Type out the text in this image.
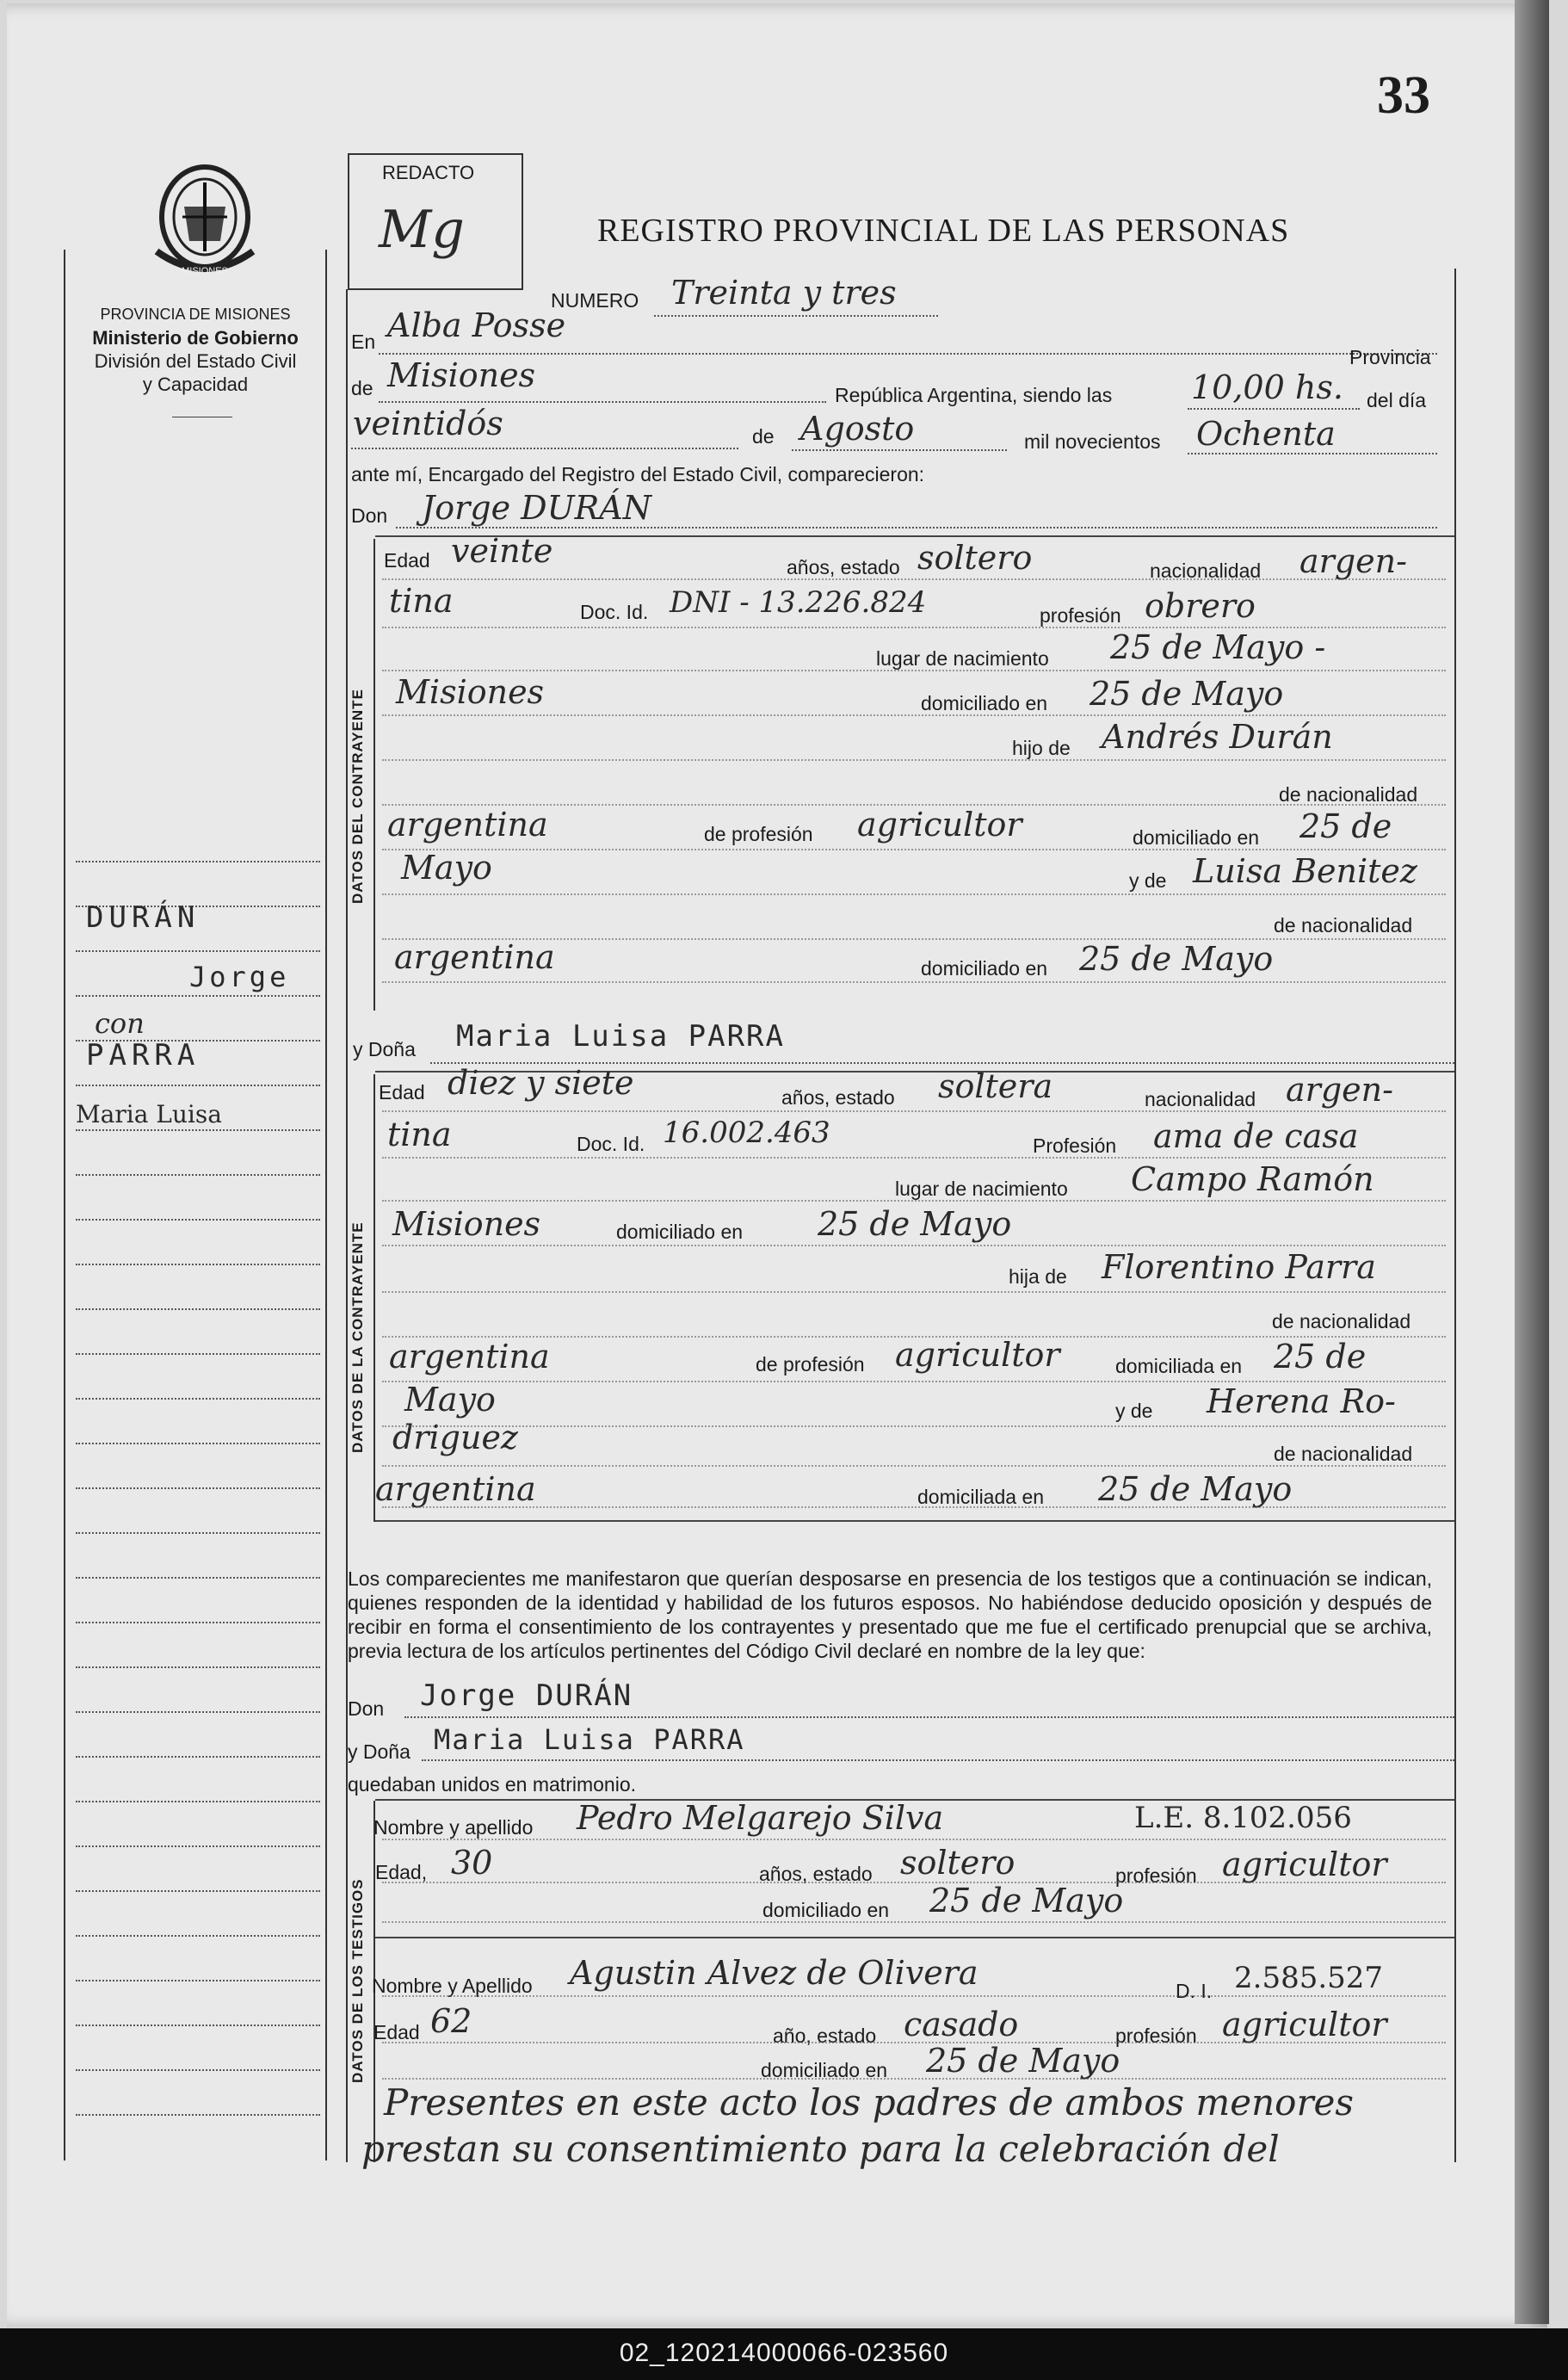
33
MISIONES
REDACTO
Mg	REGISTRO PROVINCIAL DE LAS PERSONAS
PROVINCIA DE MISIONES
Ministerio de Gobierno
División del Estado Civil
y Capacidad
DURÁN
Jorge
con
PARRA
Maria Luisa
NUMERO Treinta y tres
En Alba Posse
Provincia
de Misiones
República Argentina, siendo las 10,00 hs. del día
veintidós	de Agosto	mil novecientos Ochenta
ante mí, Encargado del Registro del Estado Civil, comparecieron:
Don Jorge DURÁN
DATOS DEL CONTRAYENTE
Edad veinte	años, estado soltero	nacionalidad argen-
tina	Doc. Id. DNI - 13.226.824	profesión obrero
lugar de nacimiento 25 de Mayo -
Misiones	domiciliado en 25 de Mayo
hijo de Andrés Durán
de nacionalidad
argentina	de profesión agricultor	domiciliado en 25 de
Mayo	y de Luisa Benitez
de nacionalidad
argentina	domiciliado en 25 de Mayo
y Doña Maria Luisa PARRA
DATOS DE LA CONTRAYENTE
Edad diez y siete	años, estado soltera	nacionalidad argen-
tina	Doc. Id. 16.002.463	Profesión ama de casa
lugar de nacimiento Campo Ramón
Misiones	domiciliado en 25 de Mayo
hija de Florentino Parra
de nacionalidad
argentina	de profesión agricultor	domiciliada en 25 de
Mayo	y de Herena Ro-
driguez	de nacionalidad
argentina	domiciliada en 25 de Mayo
Los comparecientes me manifestaron que querían desposarse en presencia de los testigos que a continuación se indican, quienes responden de la identidad y habilidad de los futuros esposos. No habiéndose deducido oposición y después de recibir en forma el consentimiento de los contrayentes y presentado que me fue el certificado prenupcial que se archiva, previa lectura de los artículos pertinentes del Código Civil declaré en nombre de la ley que:
Don Jorge DURÁN
y Doña Maria Luisa PARRA
quedaban unidos en matrimonio.
DATOS DE LOS TESTIGOS
Nombre y apellido Pedro Melgarejo Silva	L.E. 8.102.056
Edad, 30	años, estado soltero	profesión agricultor
domiciliado en 25 de Mayo
Nombre y Apellido Agustin Alvez de Olivera	D. I. 2.585.527
Edad 62	año, estado casado	profesión agricultor
domiciliado en 25 de Mayo
Presentes en este acto los padres de ambos menores
prestan su consentimiento para la celebración del
02_120214000066-023560
